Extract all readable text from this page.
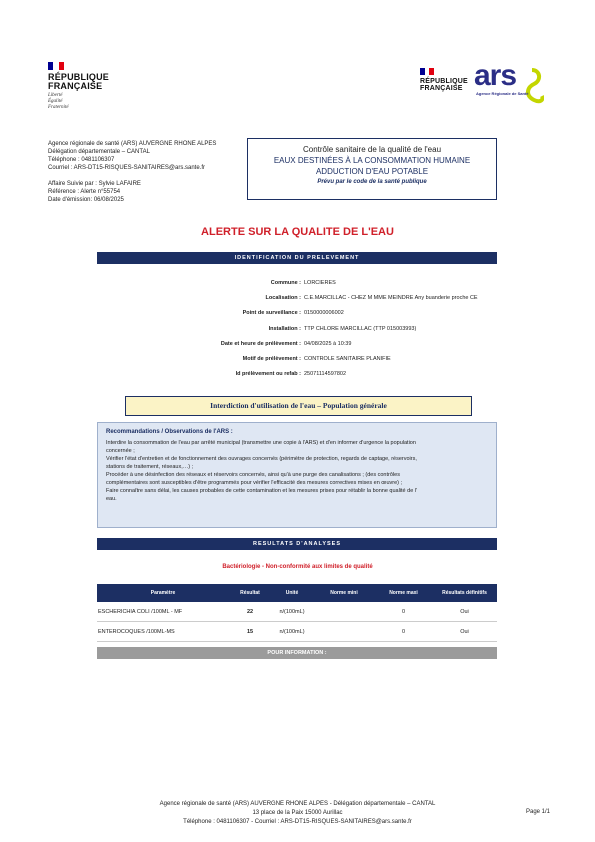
RÉPUBLIQUE
FRANÇAISE
Liberté
Égalité
Fraternité
RÉPUBLIQUE
FRANÇAISE ars
Agence Régionale de Santé
Agence régionale de santé (ARS) AUVERGNE RHONE ALPES
Délégation départementale – CANTAL
Téléphone : 0481106307
Courriel : ARS-DT15-RISQUES-SANITAIRES@ars.sante.fr
Affaire Suivie par : Sylvie LAFAIRE
Référence : Alerte n°55754
Date d'émission: 06/08/2025
Contrôle sanitaire de la qualité de l'eau
EAUX DESTINÉES À LA CONSOMMATION HUMAINE
ADDUCTION D'EAU POTABLE
Prévu par le code de la santé publique
ALERTE SUR LA QUALITE DE L'EAU
IDENTIFICATION DU PRELEVEMENT
Commune : LORCIERES
Localisation : C.E.MARCILLAC - CHEZ M MME MEINDRE Any buanderie proche CE
Point de surveillance : 0150000006002
Installation : TTP CHLORE MARCILLAC (TTP 015003993)
Date et heure de prélèvement : 04/08/2025 à 10:39
Motif de prélèvement : CONTROLE SANITAIRE PLANIFIE
Id prélèvement ou refab : 25071114597802
Interdiction d'utilisation de l'eau – Population générale
Recommandations / Observations de l'ARS :

Interdire la consommation de l'eau par arrêté municipal (transmettre une copie à l'ARS) et d'en informer d'urgence la population

concernée ;

Vérifier l'état d'entretien et de fonctionnement des ouvrages concernés (périmètre de protection, regards de captage, réservoirs,

stations de traitement, réseaux,…) ;

Procéder à une désinfection des réseaux et réservoirs concernés, ainsi qu'à une purge des canalisations ; (des contrôles

complémentaires sont susceptibles d'être programmés pour vérifier l'efficacité des mesures correctives mises en œuvre) ;

Faire connaître sans délai, les causes probables de cette contamination et les mesures prises pour rétablir la bonne qualité de l'

eau.

RESULTATS D'ANALYSES
Bactériologie - Non-conformité aux limites de qualité
Paramètre	Résultat	Unité	Norme mini	Norme maxi	Résultats définitifs
ESCHERICHIA COLI /100ML - MF	22	n/(100mL)		0	Oui
ENTEROCOQUES /100ML-MS	15	n/(100mL)		0	Oui
POUR INFORMATION :
Agence régionale de santé (ARS) AUVERGNE RHONE ALPES - Délégation départementale – CANTAL
13 place de la Paix 15000 Aurillac
Téléphone : 0481106307 - Courriel : ARS-DT15-RISQUES-SANITAIRES@ars.sante.fr
Page 1/1
